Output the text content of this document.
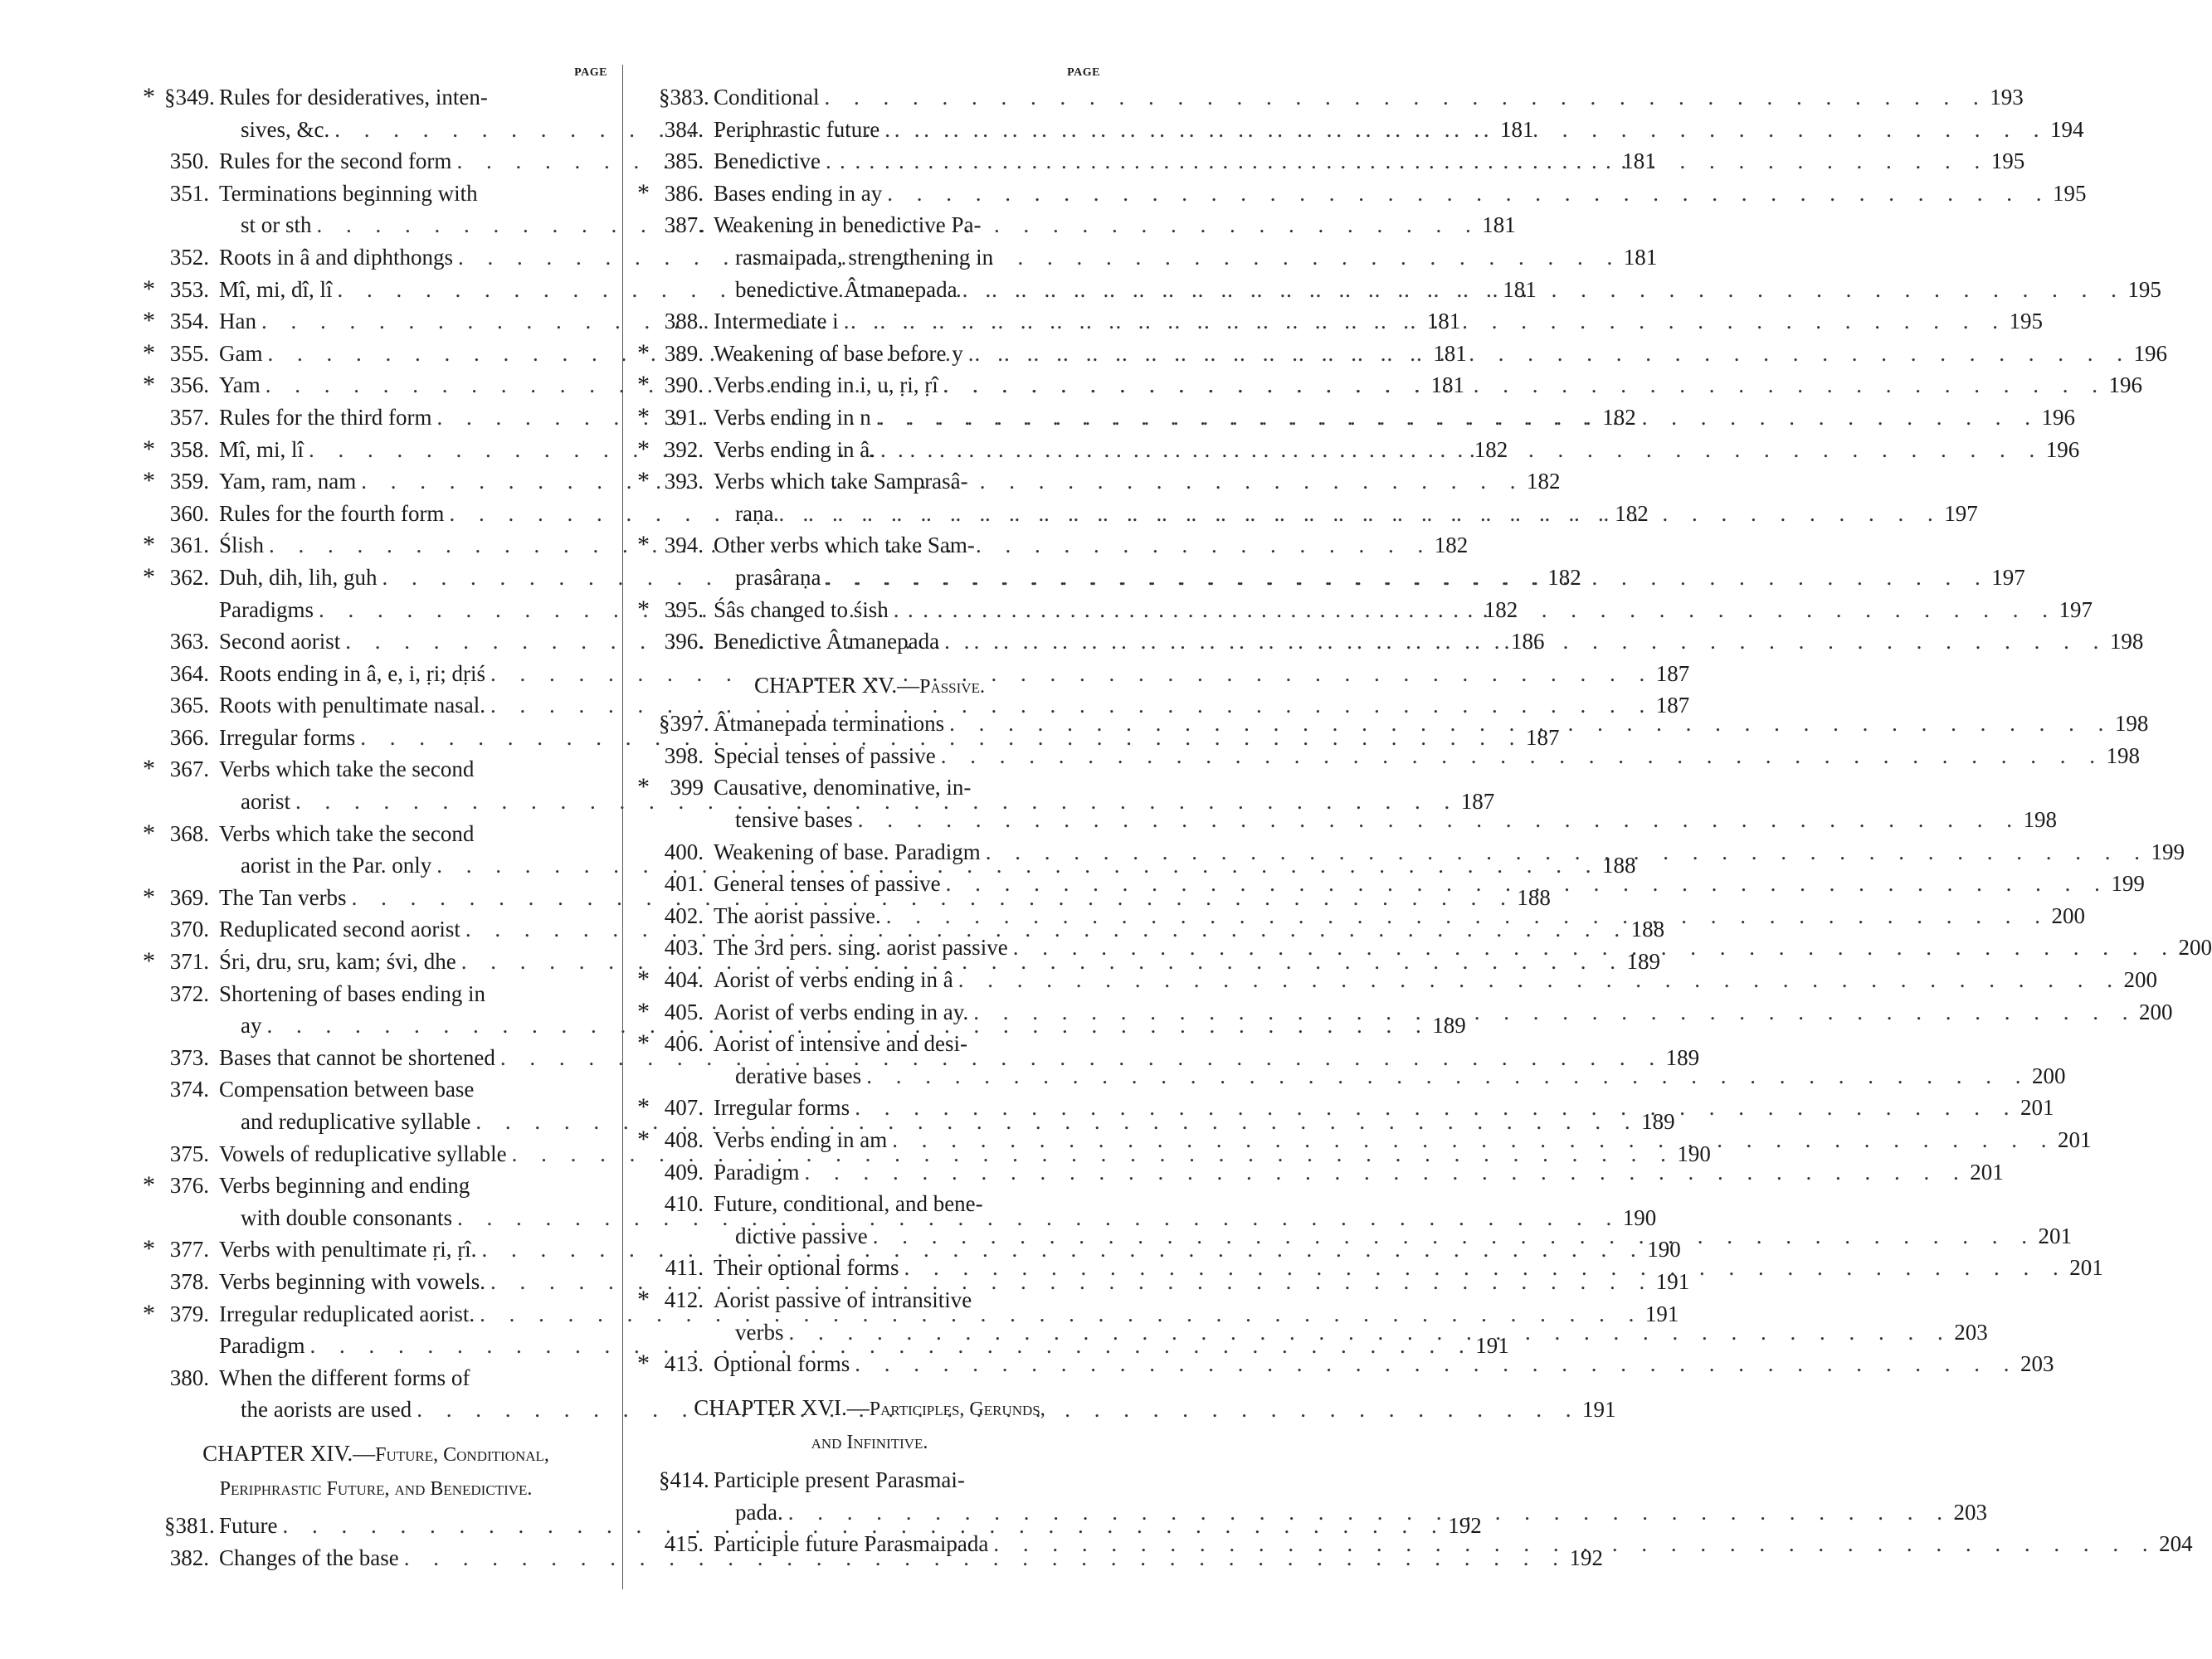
PAGE
* §349. Rules for desideratives, inten-
sives, &c. . . .	181
350. Rules for the second form . . .	181
351. Terminations beginning with
st or sth . . .	181
352. Roots in â and diphthongs . . .	181
* 353. Mî, mi, dî, lî . . .	181
* 354. Han . . .	181
* 355. Gam . . .	181
* 356. Yam . . .	181
357. Rules for the third form . . .	182
* 358. Mî, mi, lî . . .	182
* 359. Yam, ram, nam . . .	182
360. Rules for the fourth form . . .	182
* 361. Ślish . . .	182
* 362. Duh, dih, lih, guh . . .	182
Paradigms . . .	182
363. Second aorist . . .	186
364. Roots ending in â, e, i, ṛi; dṛiś . . .	187
365. Roots with penultimate nasal. . . .	187
366. Irregular forms . . .	187
* 367. Verbs which take the second
aorist . . .	187
* 368. Verbs which take the second
aorist in the Par. only . . .	188
* 369. The Tan verbs . . .	188
370. Reduplicated second aorist . . .	188
* 371. Śri, dru, sru, kam; śvi, dhe . . .	189
372. Shortening of bases ending in
ay . . .	189
373. Bases that cannot be shortened . . .	189
374. Compensation between base
and reduplicative syllable . . .	189
375. Vowels of reduplicative syllable . . .	190
* 376. Verbs beginning and ending
with double consonants . . .	190
* 377. Verbs with penultimate ṛi, ṛî. . . .	190
378. Verbs beginning with vowels. . . .	191
* 379. Irregular reduplicated aorist. . . .	191
Paradigm . . .	191
380. When the different forms of
the aorists are used . . .	191
CHAPTER XIV.—Future, Conditional,
Periphrastic Future, and Benedictive.
§381. Future . . .	192
382. Changes of the base . . .	192
PAGE
§383. Conditional . . .	193
384. Periphrastic future . . .	194
385. Benedictive . . .	195
* 386. Bases ending in ay . . .	195
387. Weakening in benedictive Pa-
rasmaipada, strengthening in
benedictive Âtmanepada . . .	195
388. Intermediate i . . .	195
* 389. Weakening of base before y . . .	196
* 390. Verbs ending in i, u, ṛi, ṛî . . .	196
* 391. Verbs ending in n . . .	196
* 392. Verbs ending in â. . . .	196
* 393. Verbs which take Samprasâ-
raṇa . . .	197
* 394. Other verbs which take Sam-
prasâraṇa . . .	197
* 395. Śâs changed to śish . . .	197
396. Benedictive Âtmanepada . . .	198
CHAPTER XV.—Passive.
§397. Âtmanepada terminations . . .	198
398. Special tenses of passive . . .	198
* 399 Causative, denominative, in-
tensive bases . . .	198
400. Weakening of base. Paradigm . . .	199
401. General tenses of passive . . .	199
402. The aorist passive. . . .	200
403. The 3rd pers. sing. aorist passive . . .	200
* 404. Aorist of verbs ending in â . . .	200
* 405. Aorist of verbs ending in ay. . . .	200
* 406. Aorist of intensive and desi-
derative bases . . .	200
* 407. Irregular forms . . .	201
* 408. Verbs ending in am . . .	201
409. Paradigm . . .	201
410. Future, conditional, and bene-
dictive passive . . .	201
411. Their optional forms . . .	201
* 412. Aorist passive of intransitive
verbs . . .	203
* 413. Optional forms . . .	203
CHAPTER XVI.—Participles, Gerunds,
and Infinitive.
§414. Participle present Parasmai-
pada. . . .	203
415. Participle future Parasmaipada . . .	204
